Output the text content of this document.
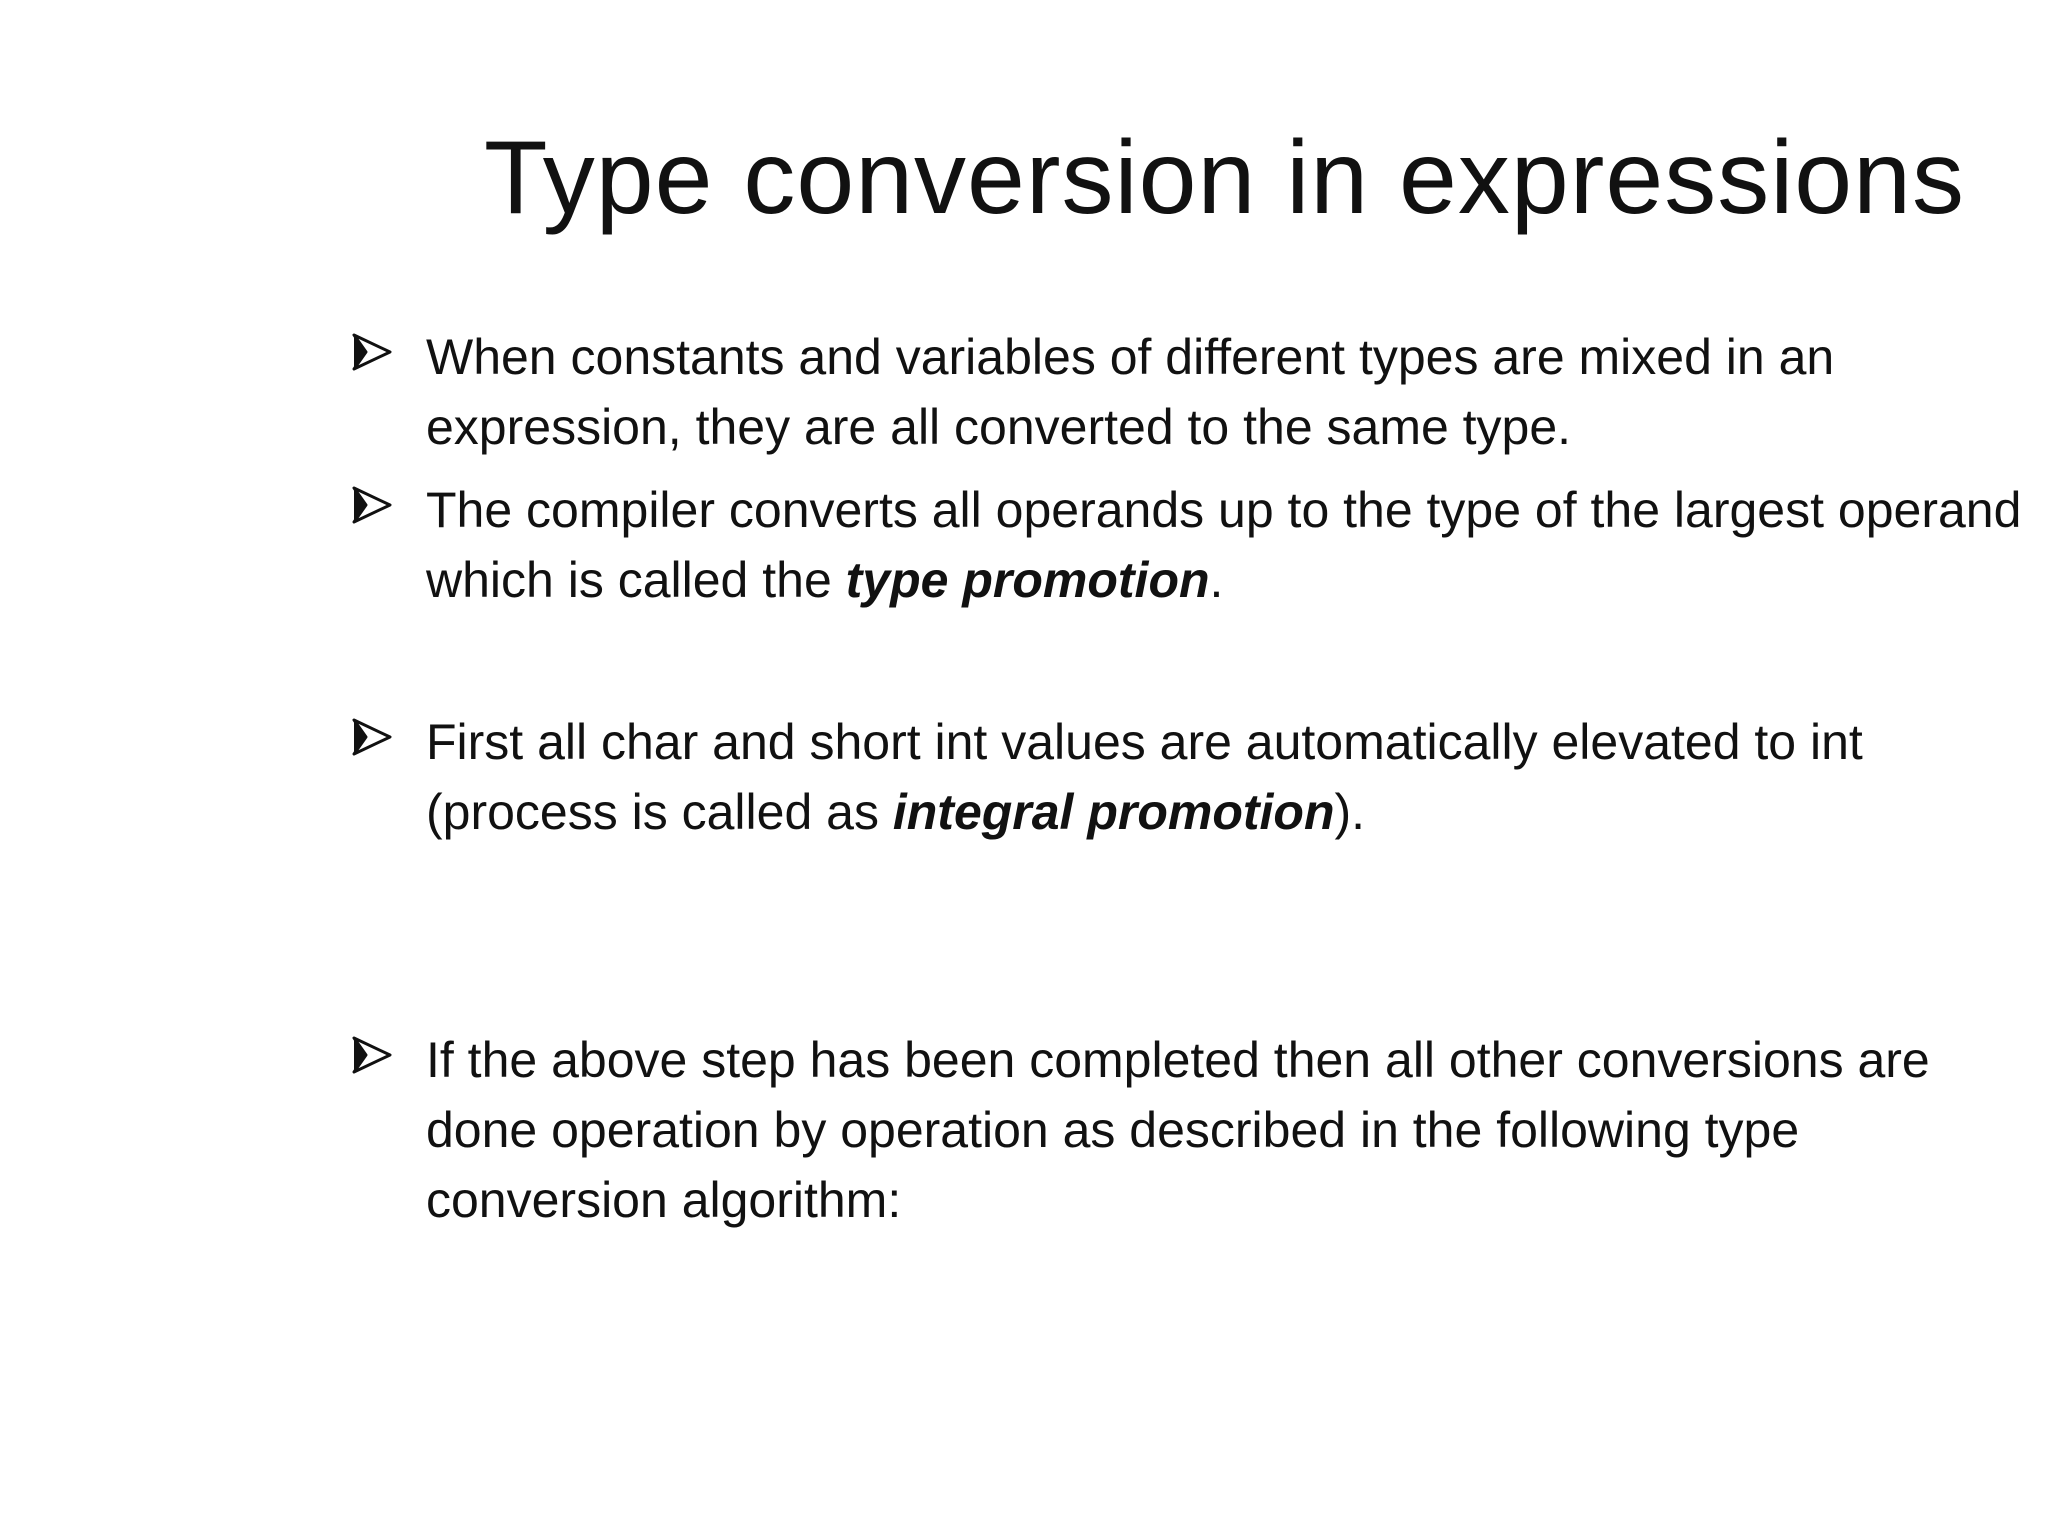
Type conversion in expressions
When constants and variables of different types are mixed in an expression, they are all converted to the same type.
The compiler converts all operands up to the type of the largest operand which is called the type promotion.
First all char and short int values are automatically elevated to int (process is called as integral promotion).
If the above step has been completed then all other conversions are done operation by operation as described in the following type conversion algorithm:
